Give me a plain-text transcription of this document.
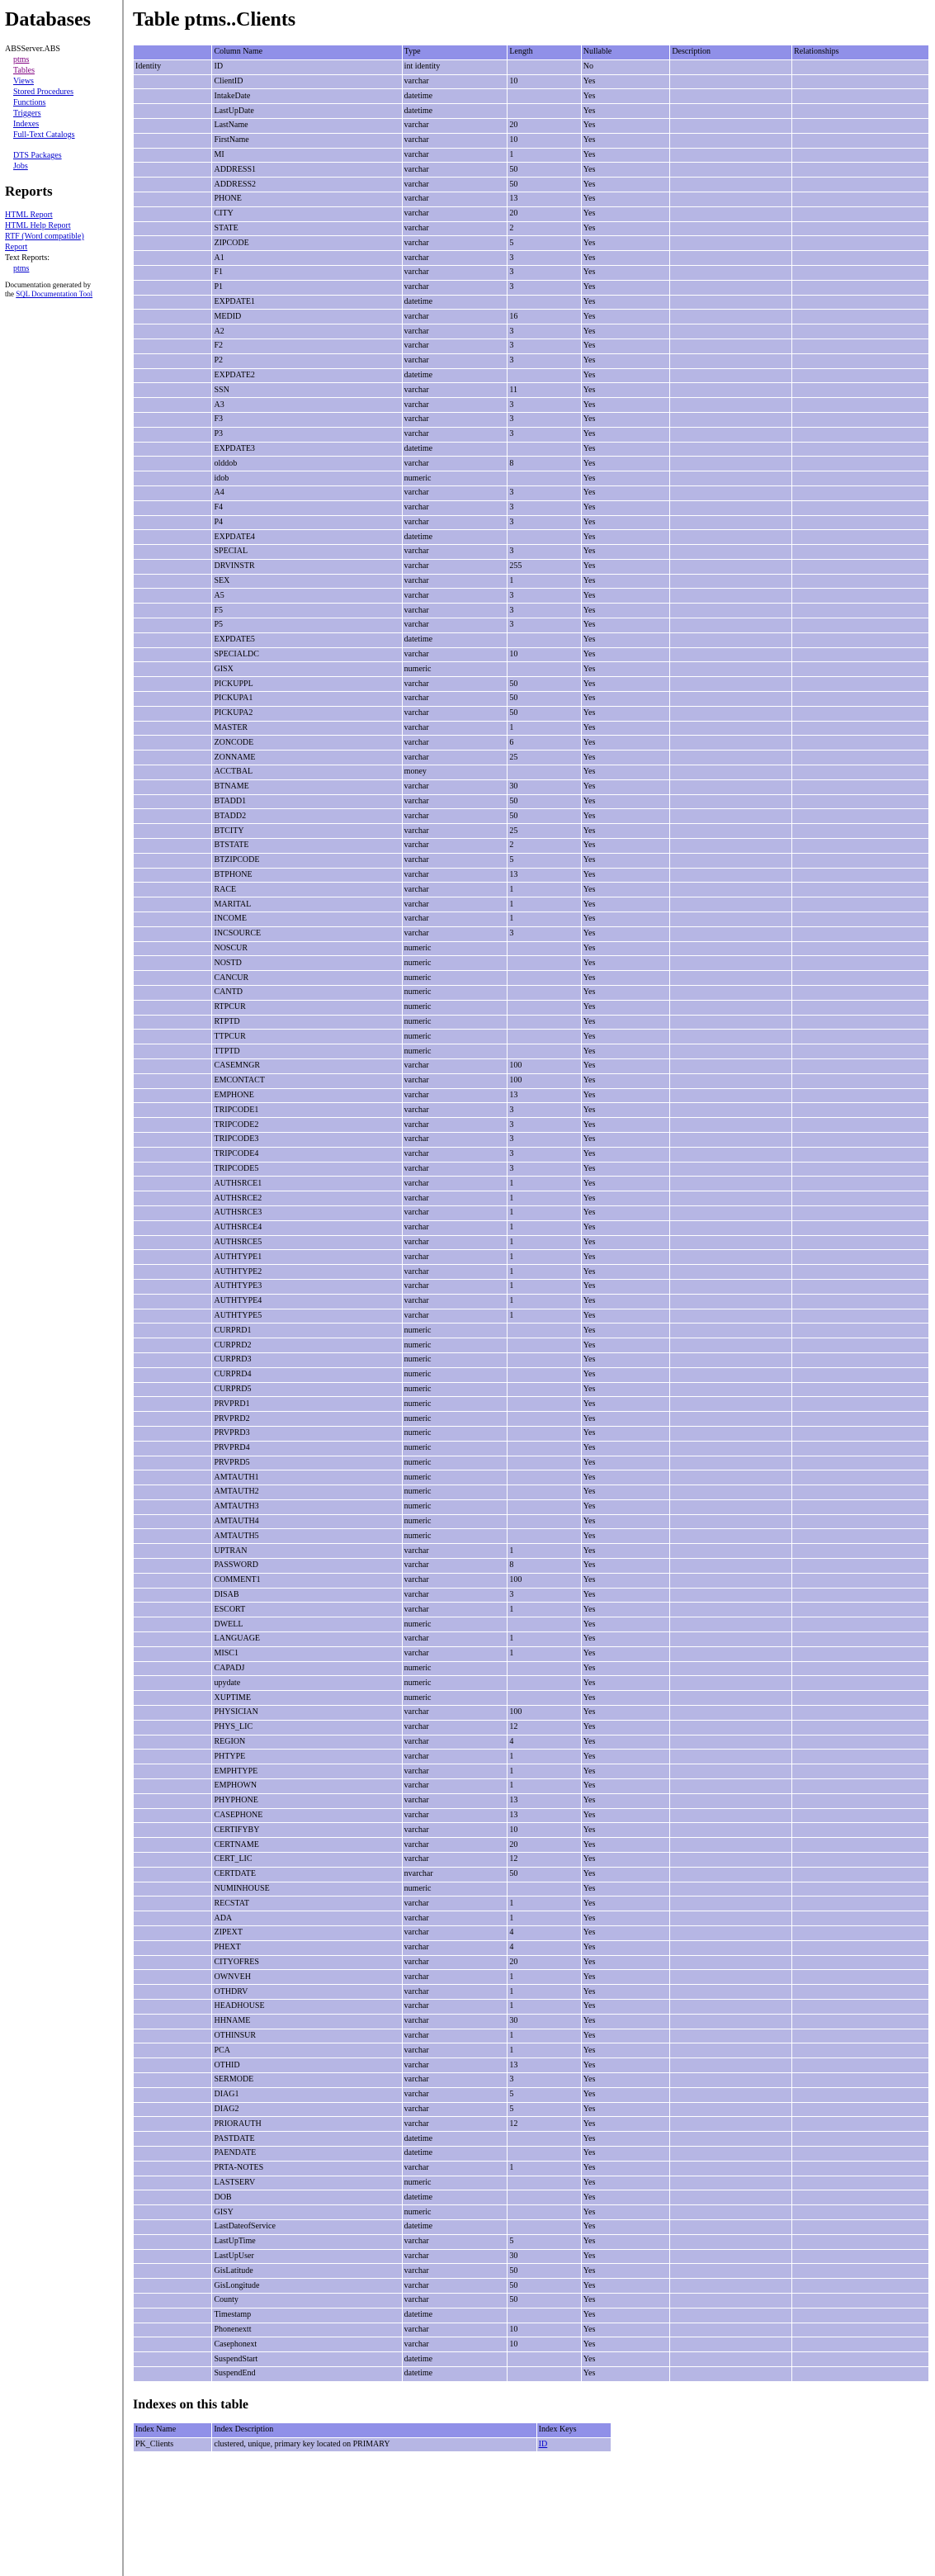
Databases
ABSServer.ABS
ptms
Tables
Views
Stored Procedures
Functions
Triggers
Indexes
Full-Text Catalogs
DTS Packages
Jobs
Reports
HTML Report
HTML Help Report
RTF (Word compatible)
Report
Text Reports:
ptms
Documentation generated by
the SQL Documentation Tool
Table ptms..Clients
	Column Name	Type	Length	Nullable	Description	Relationships
Identity	ID	int identity		No		
	ClientID	varchar	10	Yes		
	IntakeDate	datetime		Yes		
	LastUpDate	datetime		Yes		
	LastName	varchar	20	Yes		
	FirstName	varchar	10	Yes		
	MI	varchar	1	Yes		
	ADDRESS1	varchar	50	Yes		
	ADDRESS2	varchar	50	Yes		
	PHONE	varchar	13	Yes		
	CITY	varchar	20	Yes		
	STATE	varchar	2	Yes		
	ZIPCODE	varchar	5	Yes		
	A1	varchar	3	Yes		
	F1	varchar	3	Yes		
	P1	varchar	3	Yes		
	EXPDATE1	datetime		Yes		
	MEDID	varchar	16	Yes		
	A2	varchar	3	Yes		
	F2	varchar	3	Yes		
	P2	varchar	3	Yes		
	EXPDATE2	datetime		Yes		
	SSN	varchar	11	Yes		
	A3	varchar	3	Yes		
	F3	varchar	3	Yes		
	P3	varchar	3	Yes		
	EXPDATE3	datetime		Yes		
	olddob	varchar	8	Yes		
	idob	numeric		Yes		
	A4	varchar	3	Yes		
	F4	varchar	3	Yes		
	P4	varchar	3	Yes		
	EXPDATE4	datetime		Yes		
	SPECIAL	varchar	3	Yes		
	DRVINSTR	varchar	255	Yes		
	SEX	varchar	1	Yes		
	A5	varchar	3	Yes		
	F5	varchar	3	Yes		
	P5	varchar	3	Yes		
	EXPDATE5	datetime		Yes		
	SPECIALDC	varchar	10	Yes		
	GISX	numeric		Yes		
	PICKUPPL	varchar	50	Yes		
	PICKUPA1	varchar	50	Yes		
	PICKUPA2	varchar	50	Yes		
	MASTER	varchar	1	Yes		
	ZONCODE	varchar	6	Yes		
	ZONNAME	varchar	25	Yes		
	ACCTBAL	money		Yes		
	BTNAME	varchar	30	Yes		
	BTADD1	varchar	50	Yes		
	BTADD2	varchar	50	Yes		
	BTCITY	varchar	25	Yes		
	BTSTATE	varchar	2	Yes		
	BTZIPCODE	varchar	5	Yes		
	BTPHONE	varchar	13	Yes		
	RACE	varchar	1	Yes		
	MARITAL	varchar	1	Yes		
	INCOME	varchar	1	Yes		
	INCSOURCE	varchar	3	Yes		
	NOSCUR	numeric		Yes		
	NOSTD	numeric		Yes		
	CANCUR	numeric		Yes		
	CANTD	numeric		Yes		
	RTPCUR	numeric		Yes		
	RTPTD	numeric		Yes		
	TTPCUR	numeric		Yes		
	TTPTD	numeric		Yes		
	CASEMNGR	varchar	100	Yes		
	EMCONTACT	varchar	100	Yes		
	EMPHONE	varchar	13	Yes		
	TRIPCODE1	varchar	3	Yes		
	TRIPCODE2	varchar	3	Yes		
	TRIPCODE3	varchar	3	Yes		
	TRIPCODE4	varchar	3	Yes		
	TRIPCODE5	varchar	3	Yes		
	AUTHSRCE1	varchar	1	Yes		
	AUTHSRCE2	varchar	1	Yes		
	AUTHSRCE3	varchar	1	Yes		
	AUTHSRCE4	varchar	1	Yes		
	AUTHSRCE5	varchar	1	Yes		
	AUTHTYPE1	varchar	1	Yes		
	AUTHTYPE2	varchar	1	Yes		
	AUTHTYPE3	varchar	1	Yes		
	AUTHTYPE4	varchar	1	Yes		
	AUTHTYPE5	varchar	1	Yes		
	CURPRD1	numeric		Yes		
	CURPRD2	numeric		Yes		
	CURPRD3	numeric		Yes		
	CURPRD4	numeric		Yes		
	CURPRD5	numeric		Yes		
	PRVPRD1	numeric		Yes		
	PRVPRD2	numeric		Yes		
	PRVPRD3	numeric		Yes		
	PRVPRD4	numeric		Yes		
	PRVPRD5	numeric		Yes		
	AMTAUTH1	numeric		Yes		
	AMTAUTH2	numeric		Yes		
	AMTAUTH3	numeric		Yes		
	AMTAUTH4	numeric		Yes		
	AMTAUTH5	numeric		Yes		
	UPTRAN	varchar	1	Yes		
	PASSWORD	varchar	8	Yes		
	COMMENT1	varchar	100	Yes		
	DISAB	varchar	3	Yes		
	ESCORT	varchar	1	Yes		
	DWELL	numeric		Yes		
	LANGUAGE	varchar	1	Yes		
	MISC1	varchar	1	Yes		
	CAPADJ	numeric		Yes		
	upydate	numeric		Yes		
	XUPTIME	numeric		Yes		
	PHYSICIAN	varchar	100	Yes		
	PHYS_LIC	varchar	12	Yes		
	REGION	varchar	4	Yes		
	PHTYPE	varchar	1	Yes		
	EMPHTYPE	varchar	1	Yes		
	EMPHOWN	varchar	1	Yes		
	PHYPHONE	varchar	13	Yes		
	CASEPHONE	varchar	13	Yes		
	CERTIFYBY	varchar	10	Yes		
	CERTNAME	varchar	20	Yes		
	CERT_LIC	varchar	12	Yes		
	CERTDATE	nvarchar	50	Yes		
	NUMINHOUSE	numeric		Yes		
	RECSTAT	varchar	1	Yes		
	ADA	varchar	1	Yes		
	ZIPEXT	varchar	4	Yes		
	PHEXT	varchar	4	Yes		
	CITYOFRES	varchar	20	Yes		
	OWNVEH	varchar	1	Yes		
	OTHDRV	varchar	1	Yes		
	HEADHOUSE	varchar	1	Yes		
	HHNAME	varchar	30	Yes		
	OTHINSUR	varchar	1	Yes		
	PCA	varchar	1	Yes		
	OTHID	varchar	13	Yes		
	SERMODE	varchar	3	Yes		
	DIAG1	varchar	5	Yes		
	DIAG2	varchar	5	Yes		
	PRIORAUTH	varchar	12	Yes		
	PASTDATE	datetime		Yes		
	PAENDATE	datetime		Yes		
	PRTA-NOTES	varchar	1	Yes		
	LASTSERV	numeric		Yes		
	DOB	datetime		Yes		
	GISY	numeric		Yes		
	LastDateofService	datetime		Yes		
	LastUpTime	varchar	5	Yes		
	LastUpUser	varchar	30	Yes		
	GisLatitude	varchar	50	Yes		
	GisLongitude	varchar	50	Yes		
	County	varchar	50	Yes		
	Timestamp	datetime		Yes		
	Phonenextt	varchar	10	Yes		
	Casephonext	varchar	10	Yes		
	SuspendStart	datetime		Yes		
	SuspendEnd	datetime		Yes		
Indexes on this table
Index Name	Index Description	Index Keys
PK_Clients	clustered, unique, primary key located on PRIMARY	ID
